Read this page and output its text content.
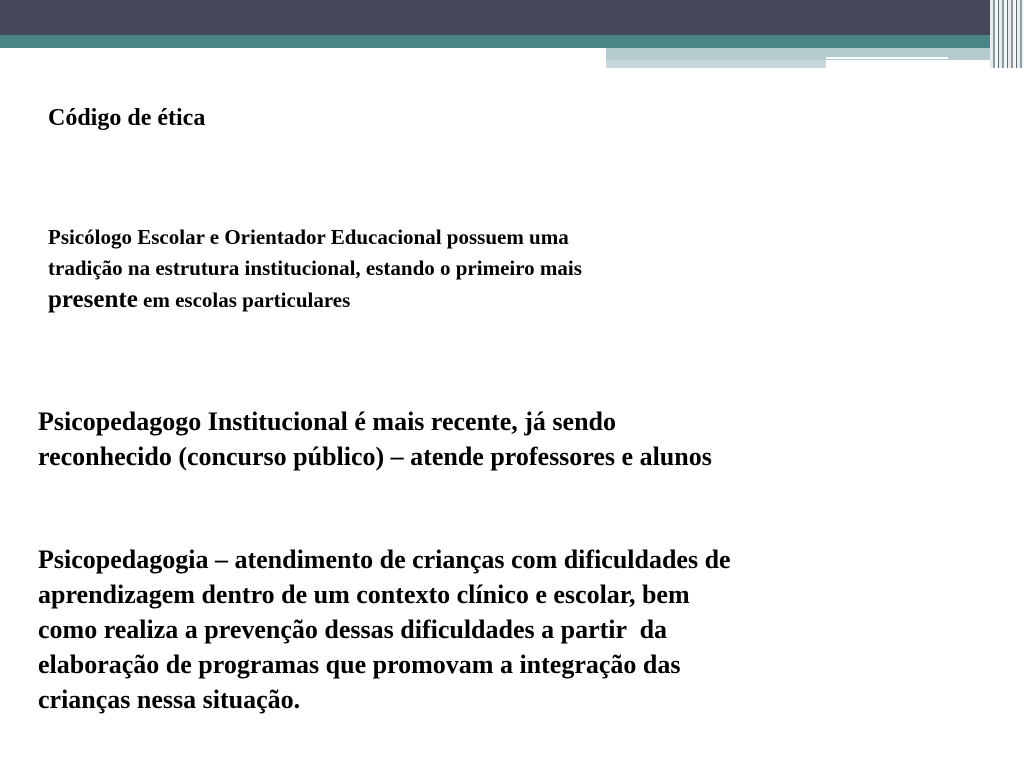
Código de ética
Psicólogo Escolar e Orientador Educacional possuem uma
tradição na estrutura institucional, estando o primeiro mais
presente em escolas particulares
Psicopedagogo Institucional é mais recente, já sendo
reconhecido (concurso público) – atende professores e alunos
Psicopedagogia – atendimento de crianças com dificuldades de
aprendizagem dentro de um contexto clínico e escolar, bem
como realiza a prevenção dessas dificuldades a partir  da
elaboração de programas que promovam a integração das
crianças nessa situação.
